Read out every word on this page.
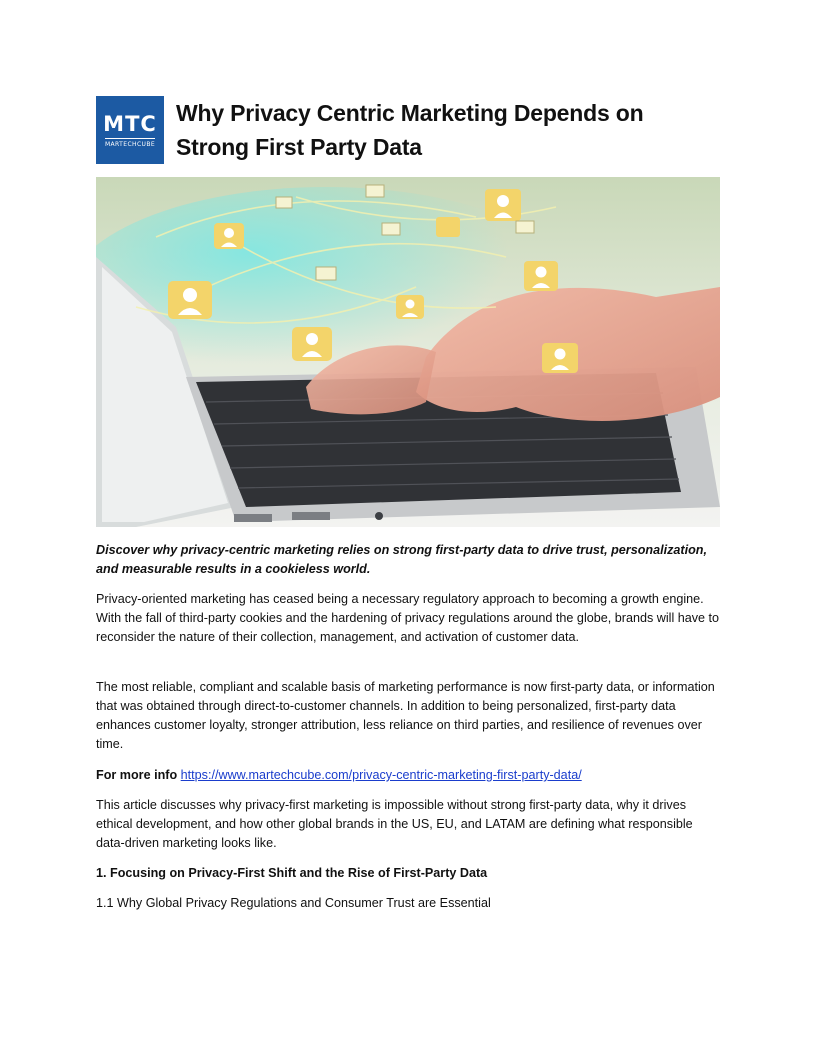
MTC
MARTECHCUBE
Why Privacy Centric Marketing Depends on
Strong First Party Data

Discover why privacy-centric marketing relies on strong first-party data to drive trust, personalization, and measurable results in a cookieless world.

Privacy-oriented marketing has ceased being a necessary regulatory approach to becoming a growth engine. With the fall of third-party cookies and the hardening of privacy regulations around the globe, brands will have to reconsider the nature of their collection, management, and activation of customer data.

The most reliable, compliant and scalable basis of marketing performance is now first-party data, or information that was obtained through direct-to-customer channels. In addition to being personalized, first-party data enhances customer loyalty, stronger attribution, less reliance on third parties, and resilience of revenues over time.

For more info https://www.martechcube.com/privacy-centric-marketing-first-party-data/

This article discusses why privacy-first marketing is impossible without strong first-party data, why it drives ethical development, and how other global brands in the US, EU, and LATAM are defining what responsible data-driven marketing looks like.

1. Focusing on Privacy-First Shift and the Rise of First-Party Data

1.1 Why Global Privacy Regulations and Consumer Trust are Essential
